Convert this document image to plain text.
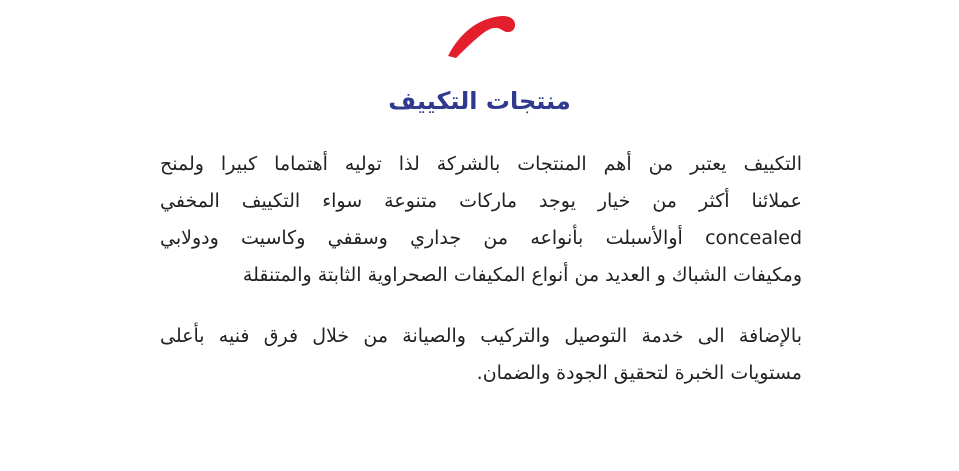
منتجات التكييف

التكييف يعتبر من أهم المنتجات بالشركة لذا توليه أهتماما كبيرا ولمنح
عملائنا أكثر من خيار يوجد ماركات متنوعة سواء التكييف المخفي
concealed أوالأسبلت بأنواعه من جداري وسقفي وكاسيت ودولابي
ومكيفات الشباك و العديد من أنواع المكيفات الصحراوية الثابتة والمتنقلة

بالإضافة الى خدمة التوصيل والتركيب والصيانة من خلال فرق فنيه بأعلى
مستويات الخبرة لتحقيق الجودة والضمان.
